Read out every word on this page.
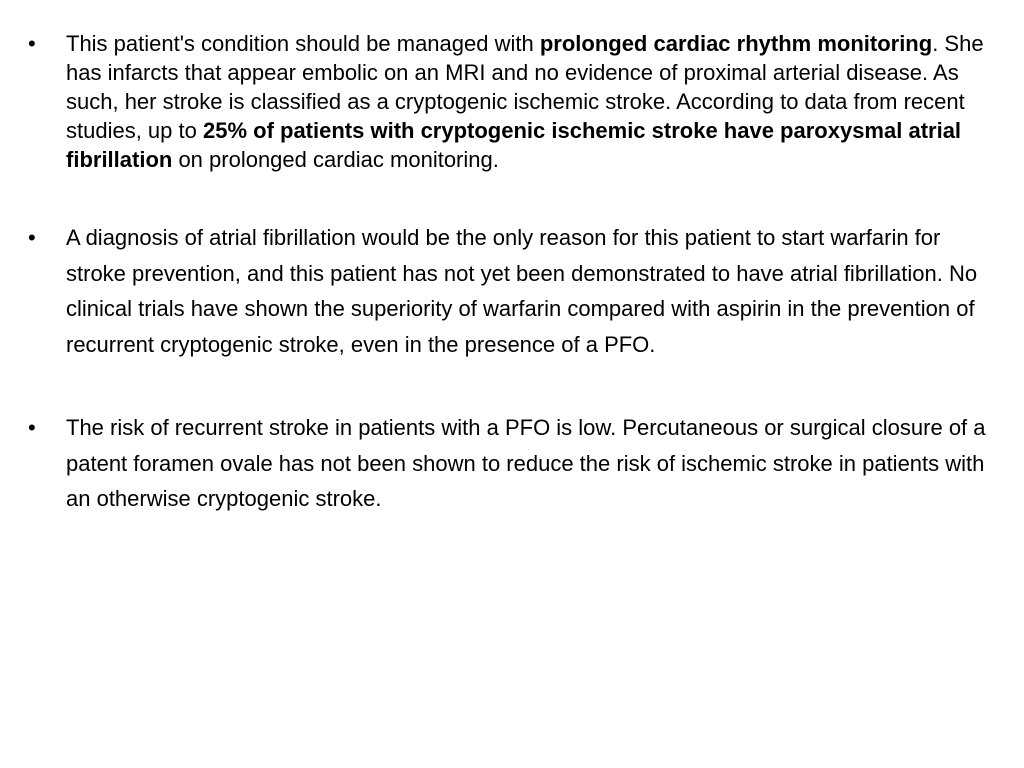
•	This patient's condition should be managed with prolonged cardiac rhythm monitoring. She has infarcts that appear embolic on an MRI and no evidence of proximal arterial disease. As such, her stroke is classified as a cryptogenic ischemic stroke. According to data from recent studies, up to 25% of patients with cryptogenic ischemic stroke have paroxysmal atrial fibrillation on prolonged cardiac monitoring.
•	A diagnosis of atrial fibrillation would be the only reason for this patient to start warfarin for stroke prevention, and this patient has not yet been demonstrated to have atrial fibrillation. No clinical trials have shown the superiority of warfarin compared with aspirin in the prevention of recurrent cryptogenic stroke, even in the presence of a PFO.
•	The risk of recurrent stroke in patients with a PFO is low. Percutaneous or surgical closure of a patent foramen ovale has not been shown to reduce the risk of ischemic stroke in patients with an otherwise cryptogenic stroke.
